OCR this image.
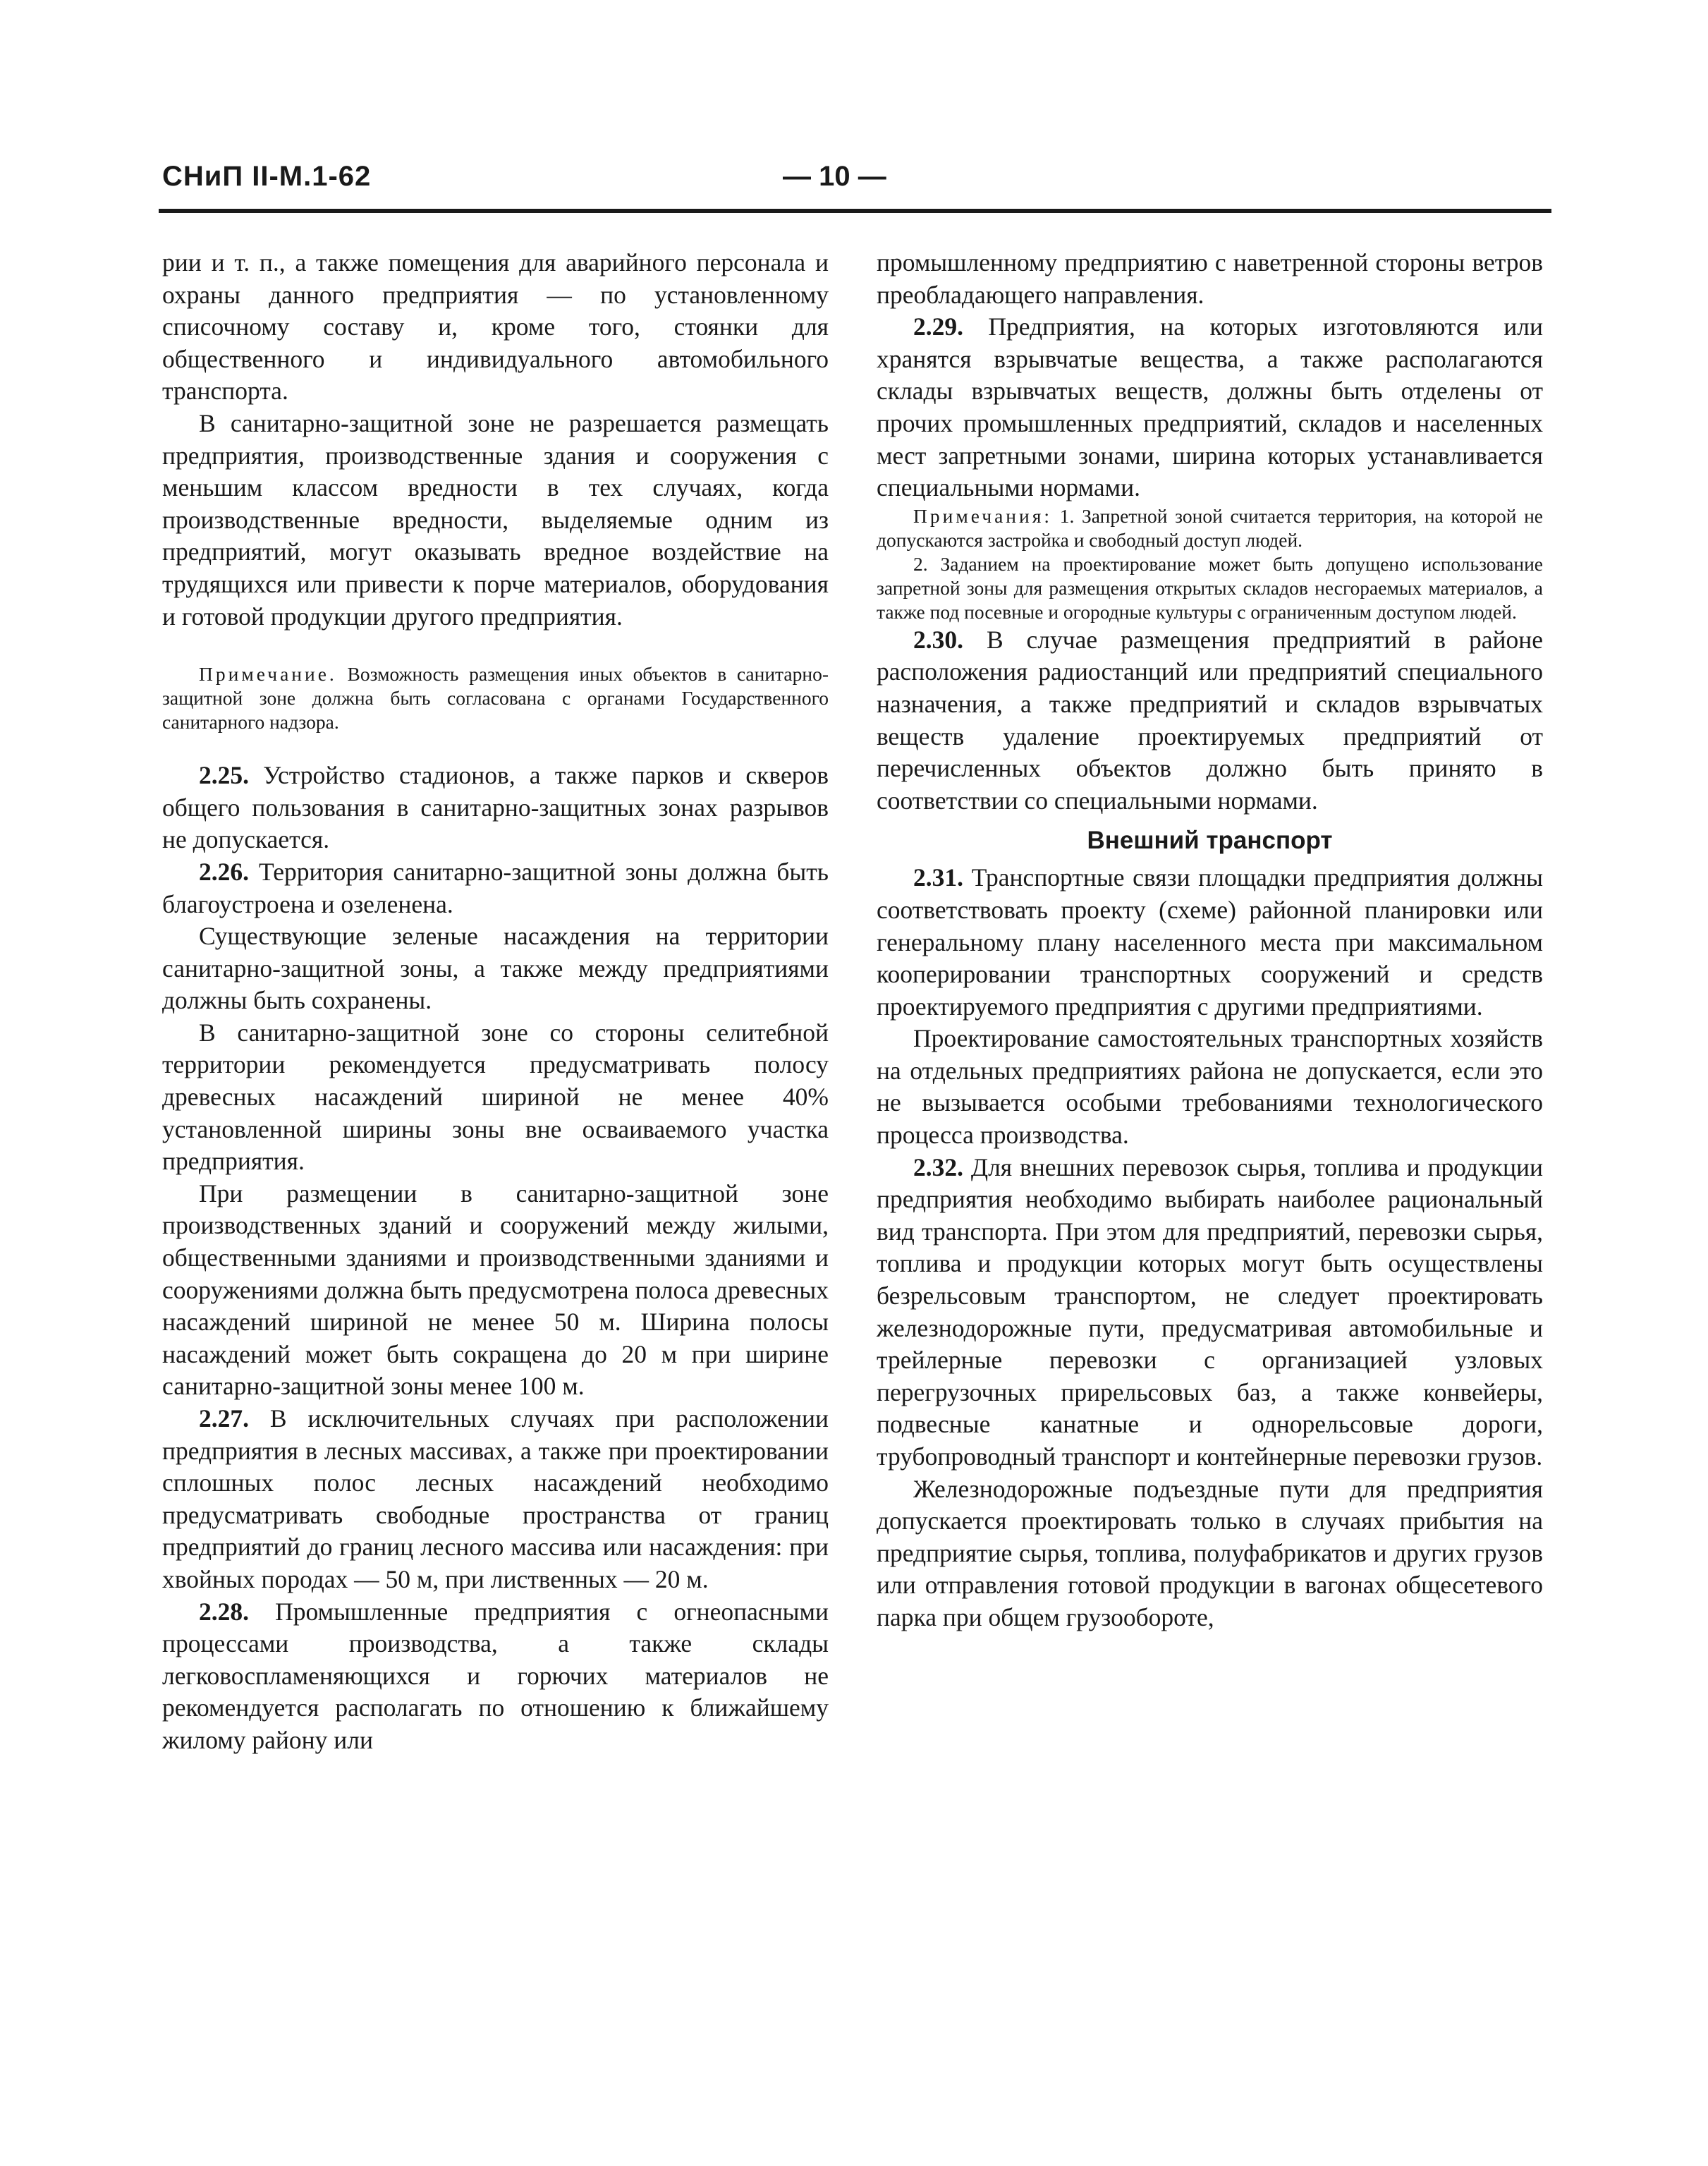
СНиП II-М.1-62	— 10 —

рии и т. п., а также помещения для аварийного персонала и охраны данного предприятия — по установленному списочному составу и, кроме того, стоянки для общественного и индивидуального автомобильного транспорта.

В санитарно-защитной зоне не разрешается размещать предприятия, производственные здания и сооружения с меньшим классом вредности в тех случаях, когда производственные вредности, выделяемые одним из предприятий, могут оказывать вредное воздействие на трудящихся или привести к порче материалов, оборудования и готовой продукции другого предприятия.

Примечание. Возможность размещения иных объектов в санитарно-защитной зоне должна быть согласована с органами Государственного санитарного надзора.

2.25. Устройство стадионов, а также парков и скверов общего пользования в санитарно-защитных зонах разрывов не допускается.

2.26. Территория санитарно-защитной зоны должна быть благоустроена и озеленена.

Существующие зеленые насаждения на территории санитарно-защитной зоны, а также между предприятиями должны быть сохранены.

В санитарно-защитной зоне со стороны селитебной территории рекомендуется предусматривать полосу древесных насаждений шириной не менее 40% установленной ширины зоны вне осваиваемого участка предприятия.

При размещении в санитарно-защитной зоне производственных зданий и сооружений между жилыми, общественными зданиями и производственными зданиями и сооружениями должна быть предусмотрена полоса древесных насаждений шириной не менее 50 м. Ширина полосы насаждений может быть сокращена до 20 м при ширине санитарно-защитной зоны менее 100 м.

2.27. В исключительных случаях при расположении предприятия в лесных массивах, а также при проектировании сплошных полос лесных насаждений необходимо предусматривать свободные пространства от границ предприятий до границ лесного массива или насаждения: при хвойных породах — 50 м, при лиственных — 20 м.

2.28. Промышленные предприятия с огнеопасными процессами производства, а также склады легковоспламеняющихся и горючих материалов не рекомендуется располагать по отношению к ближайшему жилому району или

промышленному предприятию с наветренной стороны ветров преобладающего направления.

2.29. Предприятия, на которых изготовляются или хранятся взрывчатые вещества, а также располагаются склады взрывчатых веществ, должны быть отделены от прочих промышленных предприятий, складов и населенных мест запретными зонами, ширина которых устанавливается специальными нормами.

Примечания: 1. Запретной зоной считается территория, на которой не допускаются застройка и свободный доступ людей.

2. Заданием на проектирование может быть допущено использование запретной зоны для размещения открытых складов несгораемых материалов, а также под посевные и огородные культуры с ограниченным доступом людей.

2.30. В случае размещения предприятий в районе расположения радиостанций или предприятий специального назначения, а также предприятий и складов взрывчатых веществ удаление проектируемых предприятий от перечисленных объектов должно быть принято в соответствии со специальными нормами.

Внешний транспорт

2.31. Транспортные связи площадки предприятия должны соответствовать проекту (схеме) районной планировки или генеральному плану населенного места при максимальном кооперировании транспортных сооружений и средств проектируемого предприятия с другими предприятиями.

Проектирование самостоятельных транспортных хозяйств на отдельных предприятиях района не допускается, если это не вызывается особыми требованиями технологического процесса производства.

2.32. Для внешних перевозок сырья, топлива и продукции предприятия необходимо выбирать наиболее рациональный вид транспорта. При этом для предприятий, перевозки сырья, топлива и продукции которых могут быть осуществлены безрельсовым транспортом, не следует проектировать железнодорожные пути, предусматривая автомобильные и трейлерные перевозки с организацией узловых перегрузочных прирельсовых баз, а также конвейеры, подвесные канатные и однорельсовые дороги, трубопроводный транспорт и контейнерные перевозки грузов.

Железнодорожные подъездные пути для предприятия допускается проектировать только в случаях прибытия на предприятие сырья, топлива, полуфабрикатов и других грузов или отправления готовой продукции в вагонах общесетевого парка при общем грузообороте,
